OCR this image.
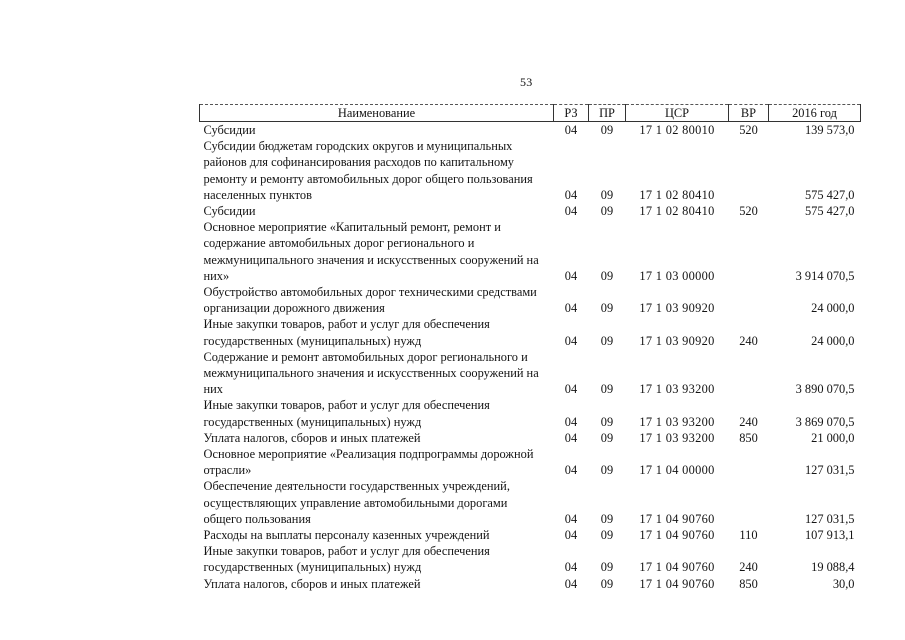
53
Наименование	РЗ	ПР	ЦСР	ВР	2016 год
Субсидии	04	09	17 1 02 80010	520	139 573,0
Субсидии бюджетам городских округов и муниципальных районов для софинансирования расходов по капитальному ремонту и ремонту автомобильных дорог общего пользования населенных пунктов	04	09	17 1 02 80410		575 427,0
Субсидии	04	09	17 1 02 80410	520	575 427,0
Основное мероприятие «Капитальный ремонт, ремонт и содержание автомобильных дорог регионального и межмуниципального значения и искусственных сооружений на них»	04	09	17 1 03 00000		3 914 070,5
Обустройство автомобильных дорог техническими средствами организации дорожного движения	04	09	17 1 03 90920		24 000,0
Иные закупки товаров, работ и услуг для обеспечения государственных (муниципальных) нужд	04	09	17 1 03 90920	240	24 000,0
Содержание и ремонт автомобильных дорог регионального и межмуниципального значения и искусственных сооружений на них	04	09	17 1 03 93200		3 890 070,5
Иные закупки товаров, работ и услуг для обеспечения государственных (муниципальных) нужд	04	09	17 1 03 93200	240	3 869 070,5
Уплата налогов, сборов и иных платежей	04	09	17 1 03 93200	850	21 000,0
Основное мероприятие «Реализация подпрограммы дорожной отрасли»	04	09	17 1 04 00000		127 031,5
Обеспечение деятельности государственных учреждений, осуществляющих управление автомобильными дорогами общего пользования	04	09	17 1 04 90760		127 031,5
Расходы на выплаты персоналу казенных учреждений	04	09	17 1 04 90760	110	107 913,1
Иные закупки товаров, работ и услуг для обеспечения государственных (муниципальных) нужд	04	09	17 1 04 90760	240	19 088,4
Уплата налогов, сборов и иных платежей	04	09	17 1 04 90760	850	30,0
